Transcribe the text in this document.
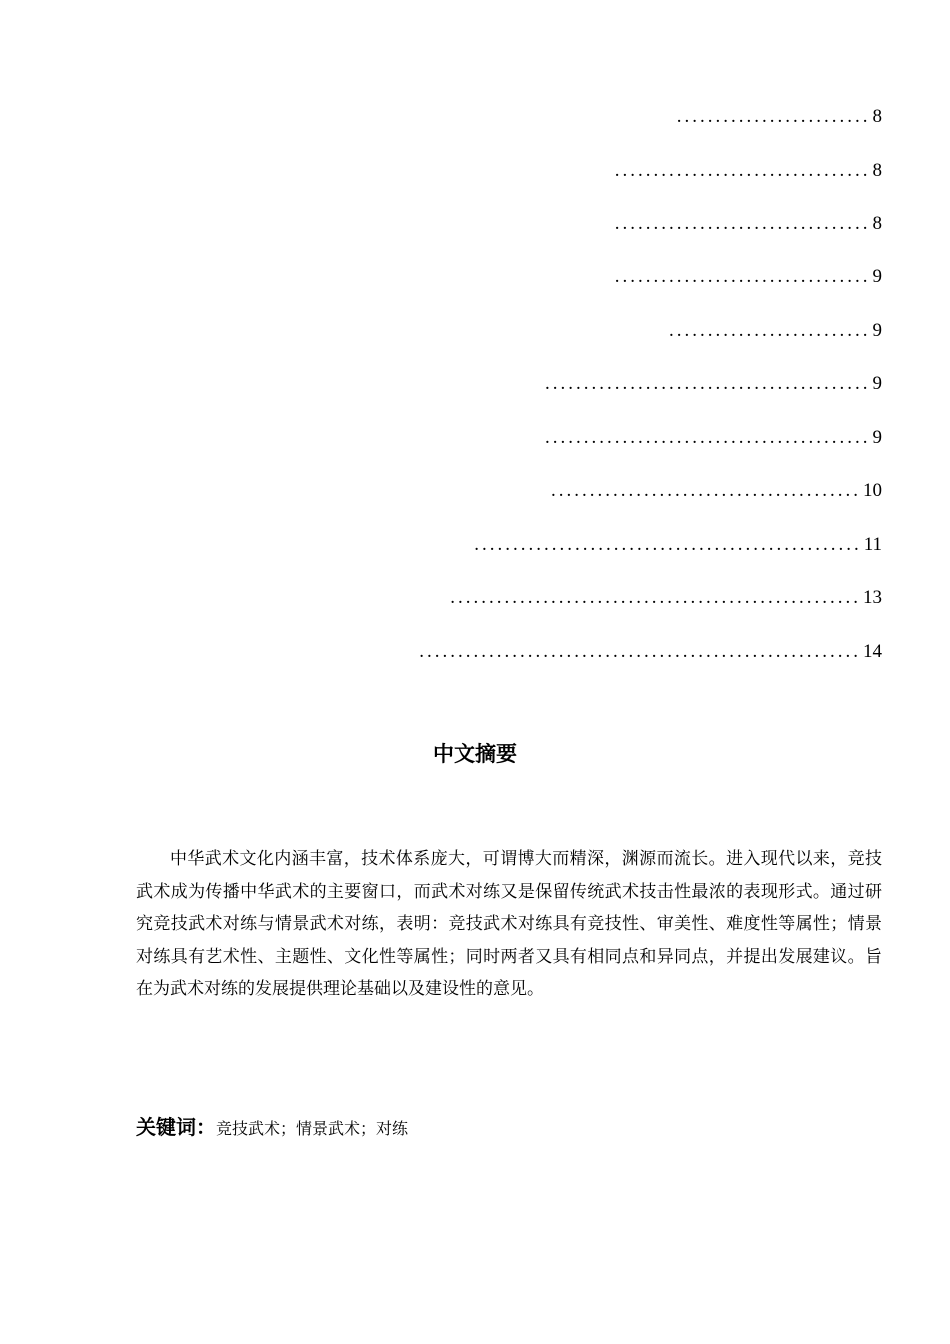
......................... 8
................................. 8
................................. 8
................................. 9
.......................... 9
.......................................... 9
.......................................... 9
........................................ 10
.................................................. 11
..................................................... 13
......................................................... 14
中文摘要

中华武术文化内涵丰富，技术体系庞大，可谓博大而精深，渊源而流长。进入现代以来，竞技武术成为传播中华武术的主要窗口，而武术对练又是保留传统武术技击性最浓的表现形式。通过研究竞技武术对练与情景武术对练，表明：竞技武术对练具有竞技性、审美性、难度性等属性；情景对练具有艺术性、主题性、文化性等属性；同时两者又具有相同点和异同点，并提出发展建议。旨在为武术对练的发展提供理论基础以及建设性的意见。

关键词：竞技武术；情景武术；对练
